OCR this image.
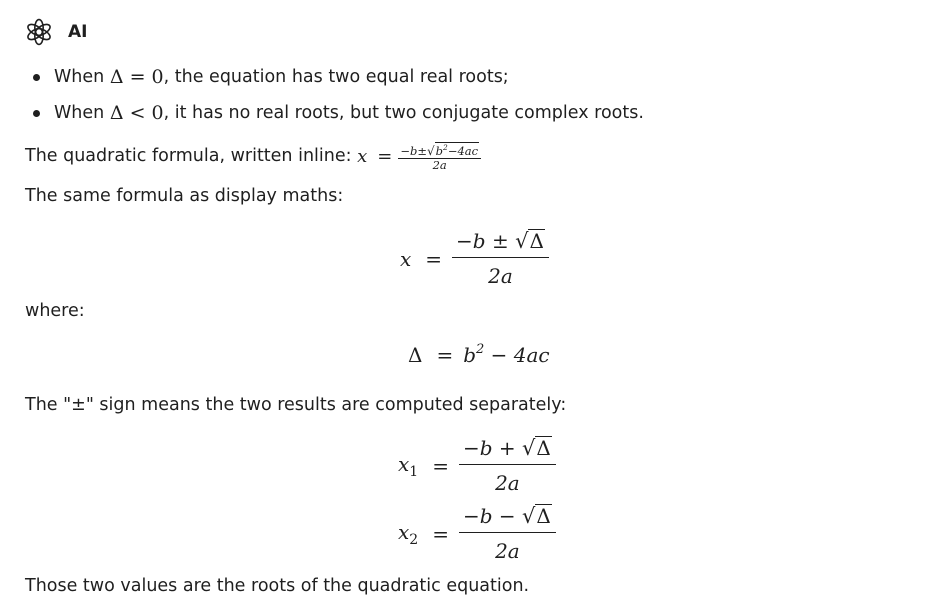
AI
When Δ = 0 , the equation has two equal real roots;
When Δ < 0 , it has no real roots, but two conjugate complex roots.
The quadratic formula, written inline: $x = \frac{-b\pm √ b^2-4ac}{2a}$
The same formula as display maths:
$x = \frac{-b \pm √ \Delta}{2a}$
where:
$\Delta = b^2 - 4ac$
The "±" sign means the two results are computed separately:
$x_1 = \frac{-b + √ \Delta}{2a}$
$x_2 = \frac{-b - √ \Delta}{2a}$
Those two values are the roots of the quadratic equation.
